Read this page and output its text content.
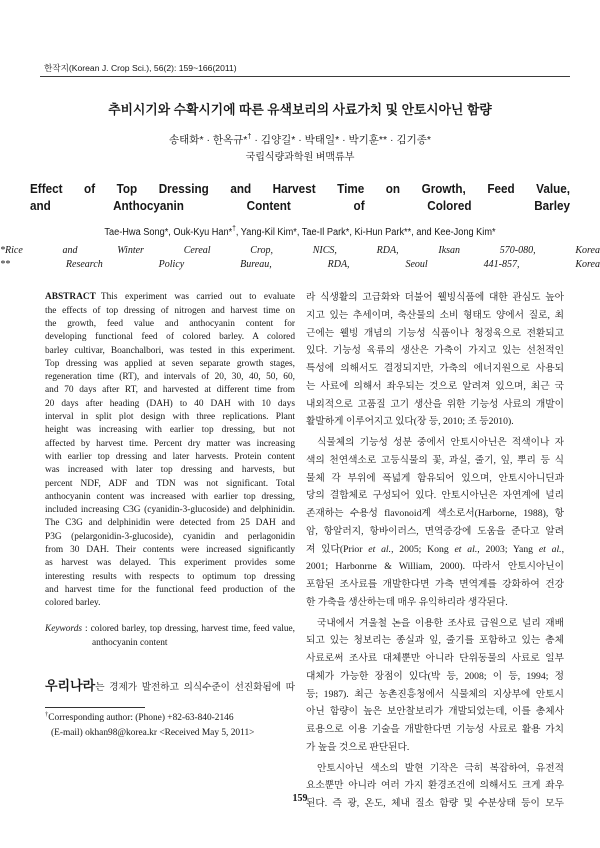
한작지(Korean J. Crop Sci.), 56(2): 159~166(2011)
추비시기와 수확시기에 따른 유색보리의 사료가치 및 안토시아닌 함량
송태화* · 한옥규*† · 김양길* · 박태일* · 박기훈** · 김기종*
국립식량과학원 벼맥류부
Effect of Top Dressing and Harvest Time on Growth, Feed Value,
and Anthocyanin Content of Colored Barley
Tae-Hwa Song*, Ouk-Kyu Han*†, Yang-Kil Kim*, Tae-Il Park*, Ki-Hun Park**, and Kee-Jong Kim*
*Rice and Winter Cereal Crop, NICS, RDA, Iksan 570-080, Korea
** Research Policy Bureau, RDA, Seoul 441-857, Korea
ABSTRACT This experiment was carried out to evaluate
the effects of top dressing of nitrogen and harvest time on
the growth, feed value and anthocyanin content for
developing functional feed of colored barley. A colored
barley cultivar, Boanchalbori, was tested in this experiment.
Top dressing was applied at seven separate growth stages,
regeneration time (RT), and intervals of 20, 30, 40, 50, 60,
and 70 days after RT, and harvested at different time from
20 days after heading (DAH) to 40 DAH with 10 days
interval in split plot design with three replications. Plant
height was increasing with earlier top dressing, but not
affected by harvest time. Percent dry matter was increasing
with earlier top dressing and later harvests. Protein content
was increased with later top dressing and harvests, but
percent NDF, ADF and TDN was not significant. Total
anthocyanin content was increased with earlier top dressing,
included increasing C3G (cyanidin-3-glucoside) and delphinidin.
The C3G and delphinidin were detected from 25 DAH and
P3G (pelargonidin-3-glucoside), cyanidin and perlagonidin
from 30 DAH. Their contents were increased significantly
as harvest was delayed. This experiment provides some
interesting results with respects to optimum top dressing
and harvest time for the functional feed production of the
colored barley.
Keywords : colored barley, top dressing, harvest time, feed value,
anthocyanin content
우리나라는 경제가 발전하고 의식수준이 선진화됨에 따
†Corresponding author: (Phone) +82-63-840-2146
(E-mail) okhan98@korea.kr <Received May 5, 2011>
159
라 식생활의 고급화와 더불어 웰빙식품에 대한 관심도 높아
지고 있는 추세이며, 축산물의 소비 형태도 양에서 질로, 최
근에는 웰빙 개념의 기능성 식품이나 청정육으로 전환되고
있다. 기능성 육류의 생산은 가축이 가지고 있는 선천적인
특성에 의해서도 결정되지만, 가축의 에너지원으로 사용되
는 사료에 의해서 좌우되는 것으로 알려져 있으며, 최근 국
내외적으로 고품질 고기 생산을 위한 기능성 사료의 개발이
활발하게 이루어지고 있다(장 등, 2010; 조 등2010).
식물체의 기능성 성분 중에서 안토시아닌은 적색이나 자
색의 천연색소로 고등식물의 꽃, 과실, 줄기, 잎, 뿌리 등 식
물체 각 부위에 폭넓게 함유되어 있으며, 안토시아니딘과
당의 결합체로 구성되어 있다. 안토시아닌은 자연계에 널리
존재하는 수용성 flavonoid계 색소로서(Harborne, 1988), 항
암, 항알러지, 항바이러스, 면역증강에 도움을 준다고 알려
져 있다(Prior et al., 2005; Kong et al., 2003; Yang et al.,
2001; Harbonrne & William, 2000). 따라서 안토시아닌이
포함된 조사료를 개발한다면 가축 면역계를 강화하여 건강
한 가축을 생산하는데 매우 유익하리라 생각된다.
국내에서 겨울철 논을 이용한 조사료 급원으로 널리 재배
되고 있는 청보리는 종실과 잎, 줄기를 포함하고 있는 총체
사료로써 조사료 대체뿐만 아니라 단위동물의 사료로 일부
대체가 가능한 장점이 있다(박 등, 2008; 이 등, 1994; 정
등; 1987). 최근 농촌진흥청에서 식물체의 지상부에 안토시
아닌 함량이 높은 보안찰보리가 개발되었는데, 이를 총체사
료용으로 이용 기술을 개발한다면 기능성 사료로 활용 가치
가 높을 것으로 판단된다.
안토시아닌 색소의 발현 기작은 극히 복잡하여, 유전적
요소뿐만 아니라 여러 가지 환경조건에 의해서도 크게 좌우
된다. 즉 광, 온도, 체내 질소 함량 및 수분상태 등이 모두
